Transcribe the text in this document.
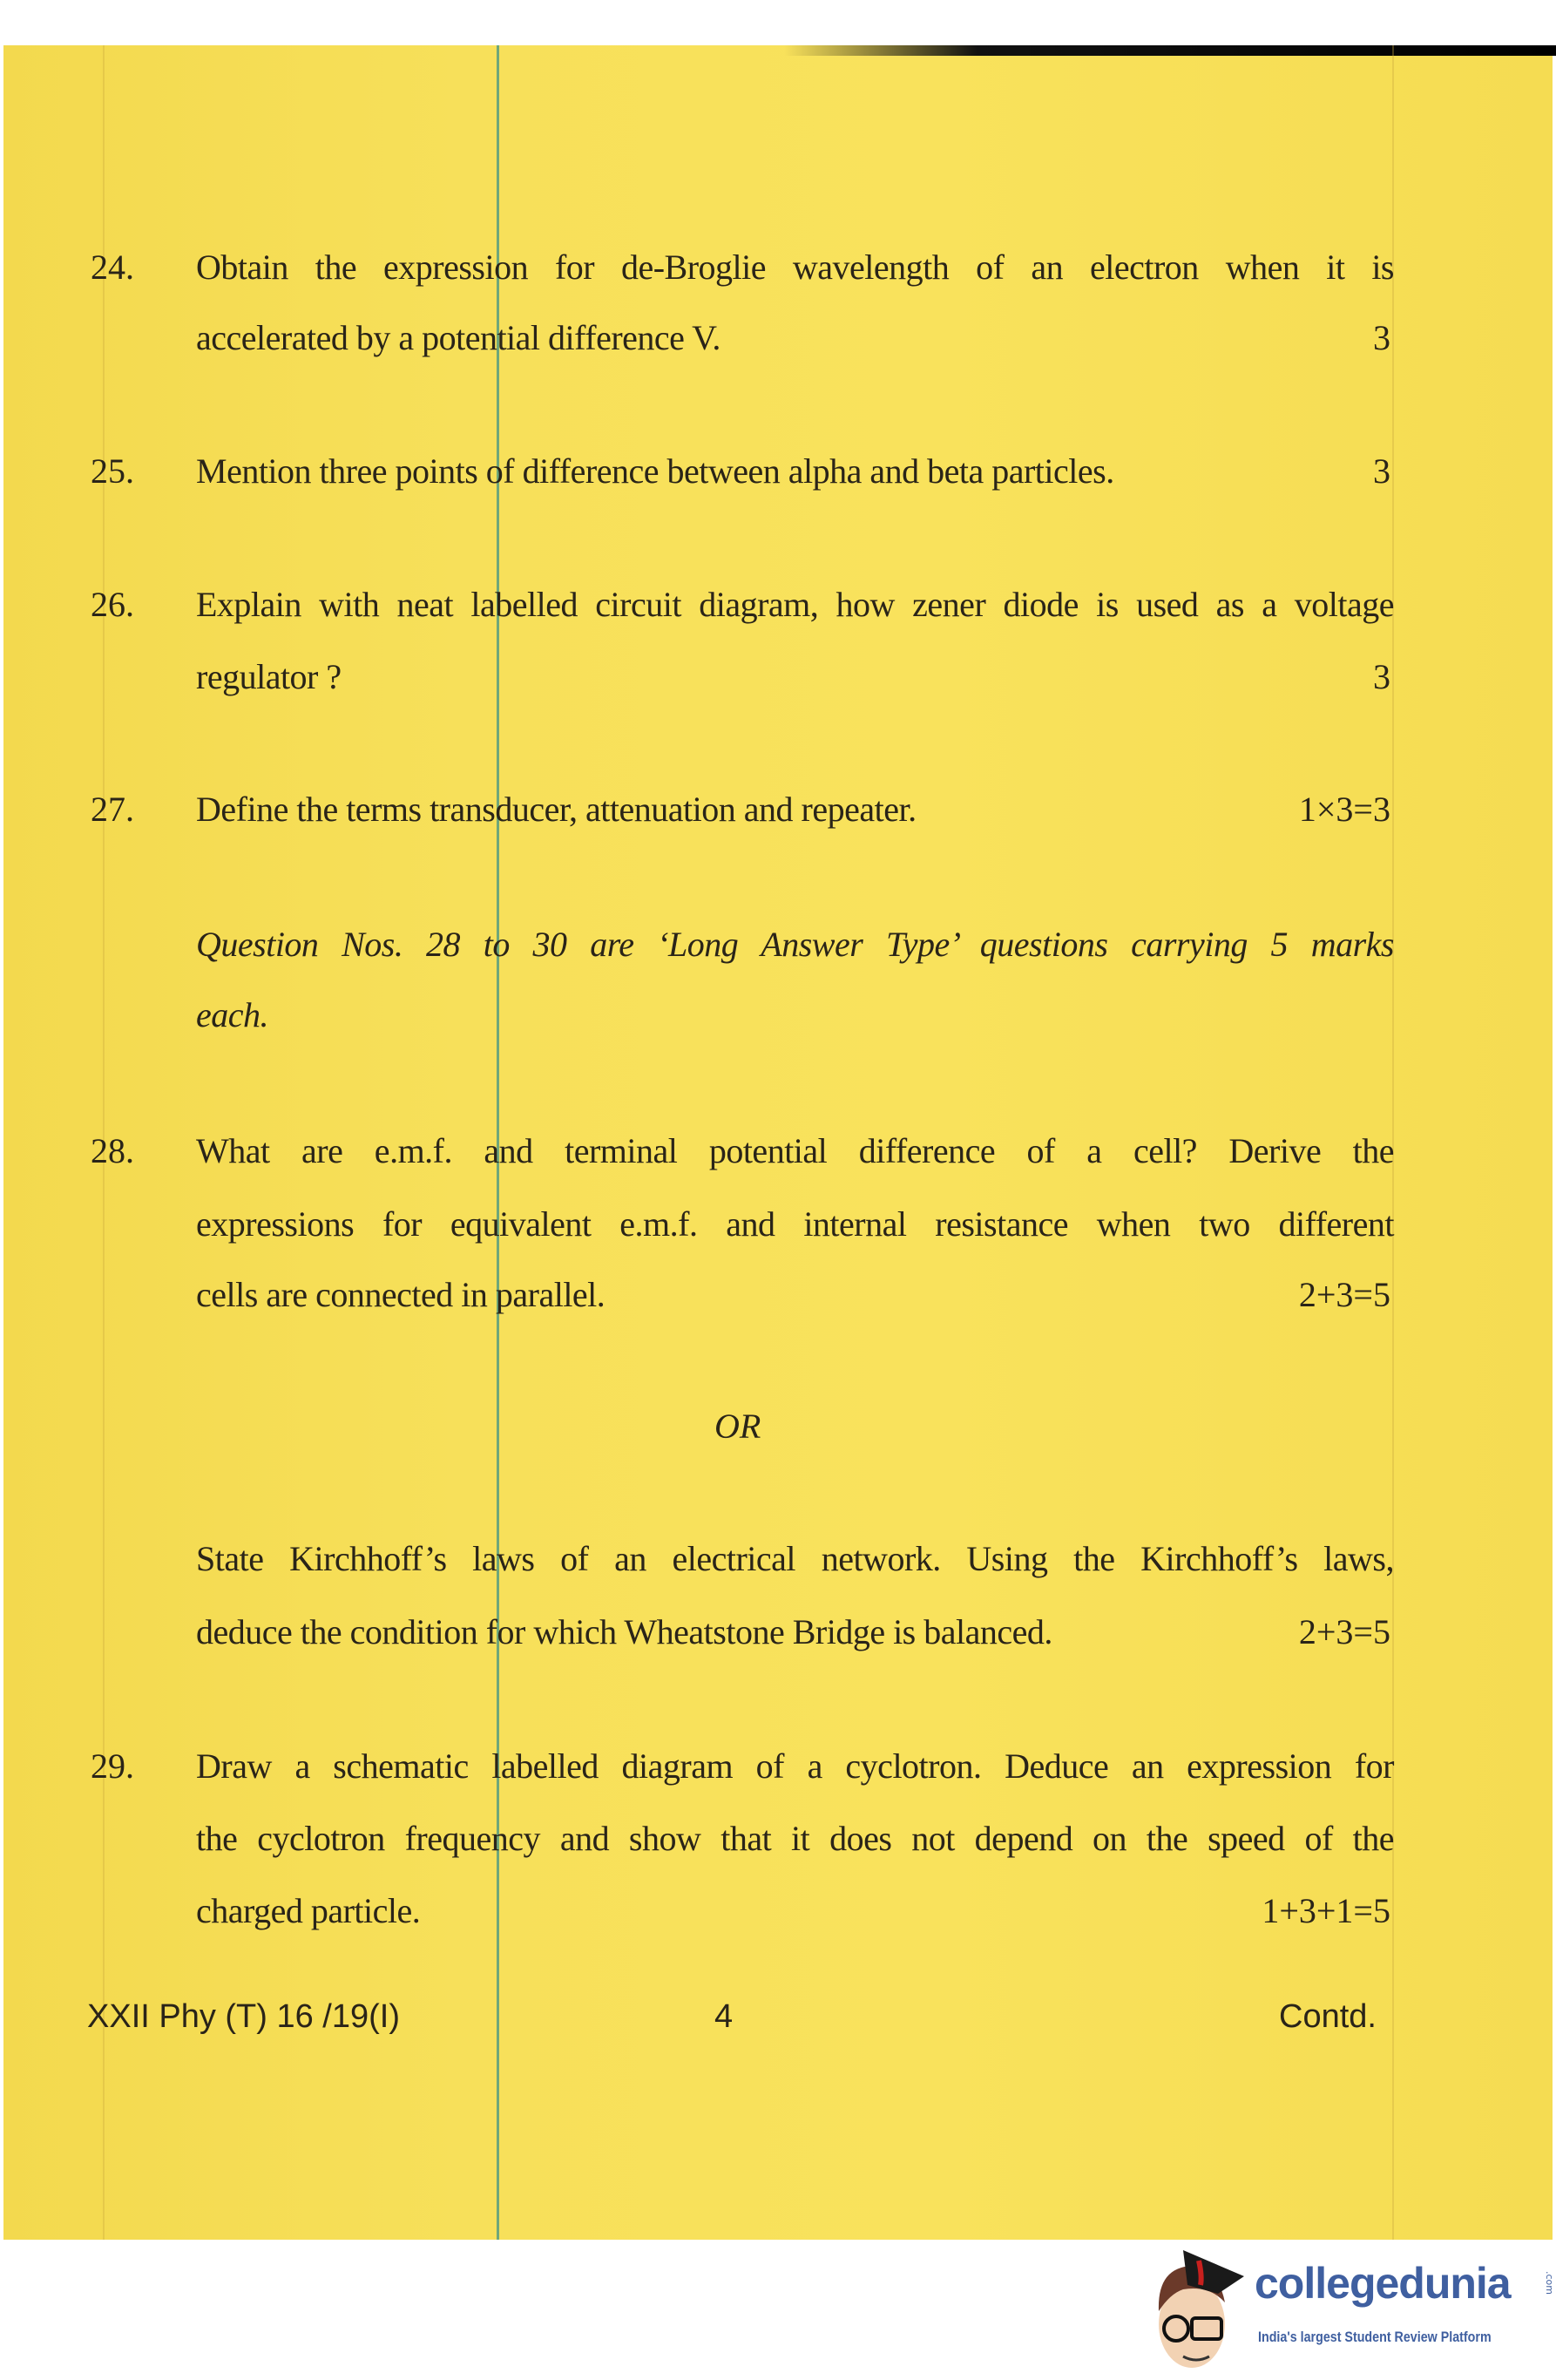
24. Obtain the expression for de-Broglie wavelength of an electron when it is
accelerated by a potential difference V.	3
25. Mention three points of difference between alpha and beta particles.	3
26. Explain with neat labelled circuit diagram, how zener diode is used as a voltage
regulator ?	3
27. Define the terms transducer, attenuation and repeater.	1×3=3
Question Nos. 28 to 30 are ‘Long Answer Type’ questions carrying 5 marks
each.
28. What are e.m.f. and terminal potential difference of a cell? Derive the
expressions for equivalent e.m.f. and internal resistance when two different
cells are connected in parallel.	2+3=5
OR
State Kirchhoff’s laws of an electrical network. Using the Kirchhoff’s laws,
deduce the condition for which Wheatstone Bridge is balanced.	2+3=5
29. Draw a schematic labelled diagram of a cyclotron. Deduce an expression for
the cyclotron frequency and show that it does not depend on the speed of the
charged particle.	1+3+1=5
XXII Phy (T) 16 /19(I)	4	Contd.
collegedunia	.com
India's largest Student Review Platform
